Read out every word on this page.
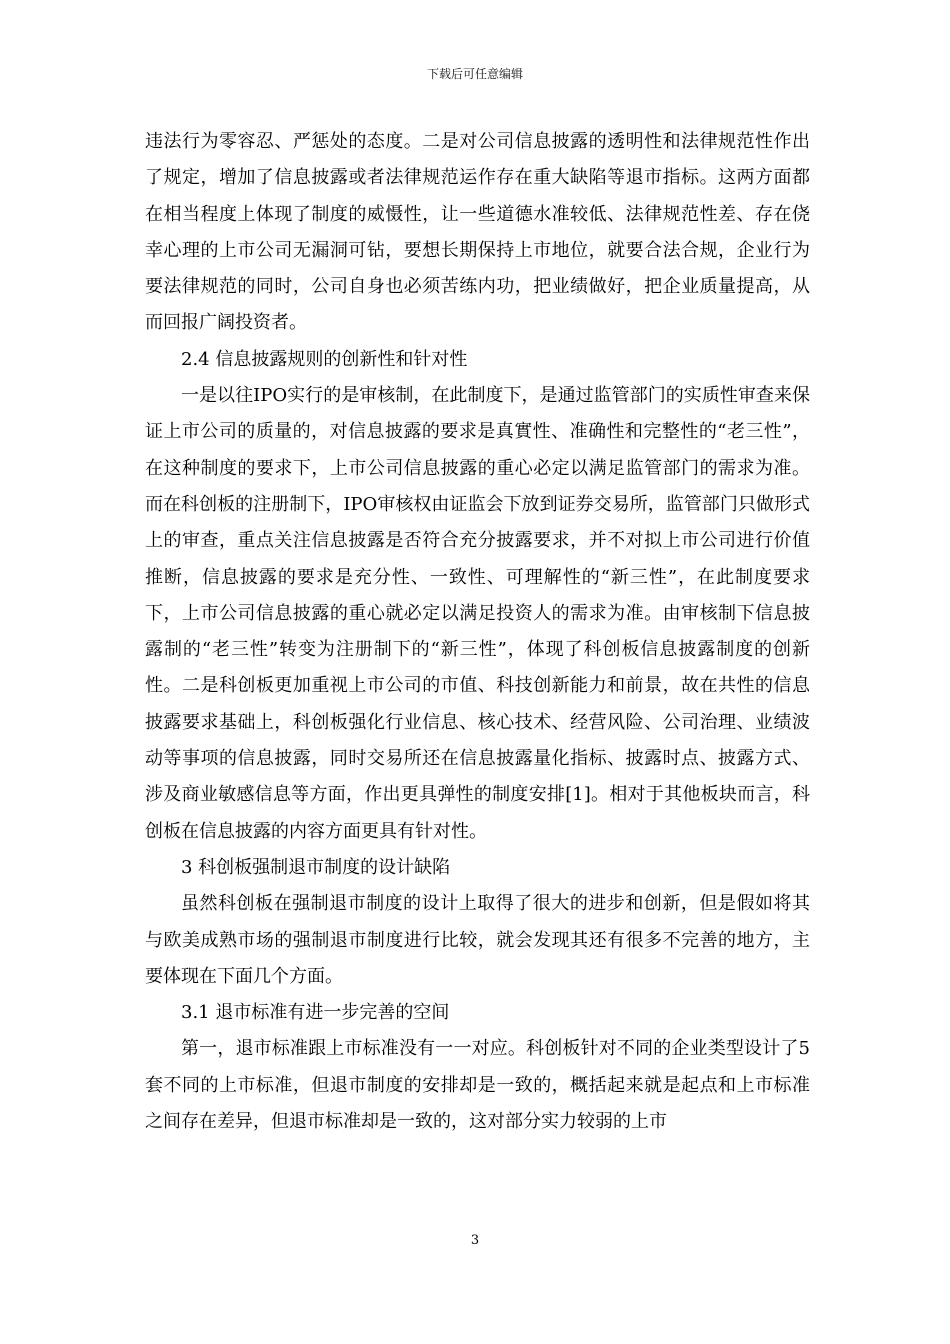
下载后可任意编辑

违法行为零容忍、严惩处的态度。二是对公司信息披露的透明性和法律规范性作出了规定，增加了信息披露或者法律规范运作存在重大缺陷等退市指标。这两方面都在相当程度上体现了制度的威慑性，让一些道德水准较低、法律规范性差、存在侥幸心理的上市公司无漏洞可钻，要想长期保持上市地位，就要合法合规，企业行为要法律规范的同时，公司自身也必须苦练内功，把业绩做好，把企业质量提高，从而回报广阔投资者。

2.4 信息披露规则的创新性和针对性

一是以往IPO实行的是审核制，在此制度下，是通过监管部门的实质性审查来保证上市公司的质量的，对信息披露的要求是真實性、准确性和完整性的“老三性”，在这种制度的要求下，上市公司信息披露的重心必定以满足监管部门的需求为准。而在科创板的注册制下，IPO审核权由证监会下放到证券交易所，监管部门只做形式上的审查，重点关注信息披露是否符合充分披露要求，并不对拟上市公司进行价值推断，信息披露的要求是充分性、一致性、可理解性的“新三性”，在此制度要求下，上市公司信息披露的重心就必定以满足投资人的需求为准。由审核制下信息披露制的“老三性”转变为注册制下的“新三性”，体现了科创板信息披露制度的创新性。二是科创板更加重视上市公司的市值、科技创新能力和前景，故在共性的信息披露要求基础上，科创板强化行业信息、核心技术、经营风险、公司治理、业绩波动等事项的信息披露，同时交易所还在信息披露量化指标、披露时点、披露方式、涉及商业敏感信息等方面，作出更具弹性的制度安排[1]。相对于其他板块而言，科创板在信息披露的内容方面更具有针对性。

3 科创板强制退市制度的设计缺陷

虽然科创板在强制退市制度的设计上取得了很大的进步和创新，但是假如将其与欧美成熟市场的强制退市制度进行比较，就会发现其还有很多不完善的地方，主要体现在下面几个方面。

3.1 退市标准有进一步完善的空间

第一，退市标准跟上市标准没有一一对应。科创板针对不同的企业类型设计了5套不同的上市标准，但退市制度的安排却是一致的，概括起来就是起点和上市标准之间存在差异，但退市标准却是一致的，这对部分实力较弱的上市

3
